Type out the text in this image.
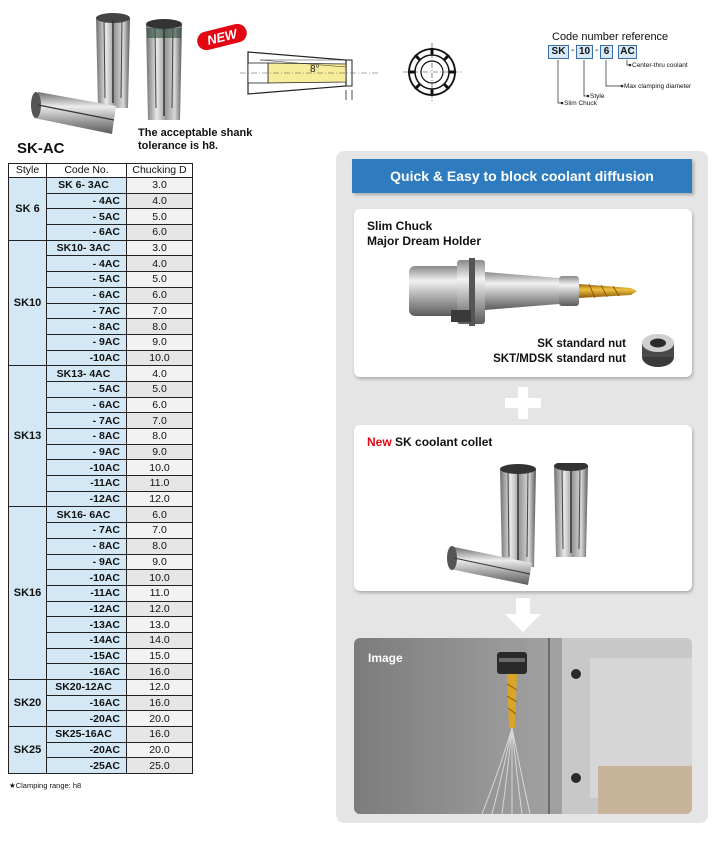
NEW
8°
Code number reference
SK - 10 - 6	AC
Center-thru coolant
Max clamping diameter
Style
Slim Chuck
SK-AC
The acceptable shank
tolerance is h8.
Style	Code No.	Chucking D
SK 6	SK 6- 3AC	3.0
	- 4AC	4.0
	- 5AC	5.0
	- 6AC	6.0
SK10	SK10- 3AC	3.0
	- 4AC	4.0
	- 5AC	5.0
	- 6AC	6.0
	- 7AC	7.0
	- 8AC	8.0
	- 9AC	9.0
	-10AC	10.0
SK13	SK13- 4AC	4.0
	- 5AC	5.0
	- 6AC	6.0
	- 7AC	7.0
	- 8AC	8.0
	- 9AC	9.0
	-10AC	10.0
	-11AC	11.0
	-12AC	12.0
SK16	SK16- 6AC	6.0
	- 7AC	7.0
	- 8AC	8.0
	- 9AC	9.0
	-10AC	10.0
	-11AC	11.0
	-12AC	12.0
	-13AC	13.0
	-14AC	14.0
	-15AC	15.0
	-16AC	16.0
SK20	SK20-12AC	12.0
	-16AC	16.0
	-20AC	20.0
SK25	SK25-16AC	16.0
	-20AC	20.0
	-25AC	25.0
★Clamping range: h8
Quick & Easy to block coolant diffusion
Slim Chuck
Major Dream Holder
SK standard nut
SKT/MDSK standard nut
New SK coolant collet
Image
